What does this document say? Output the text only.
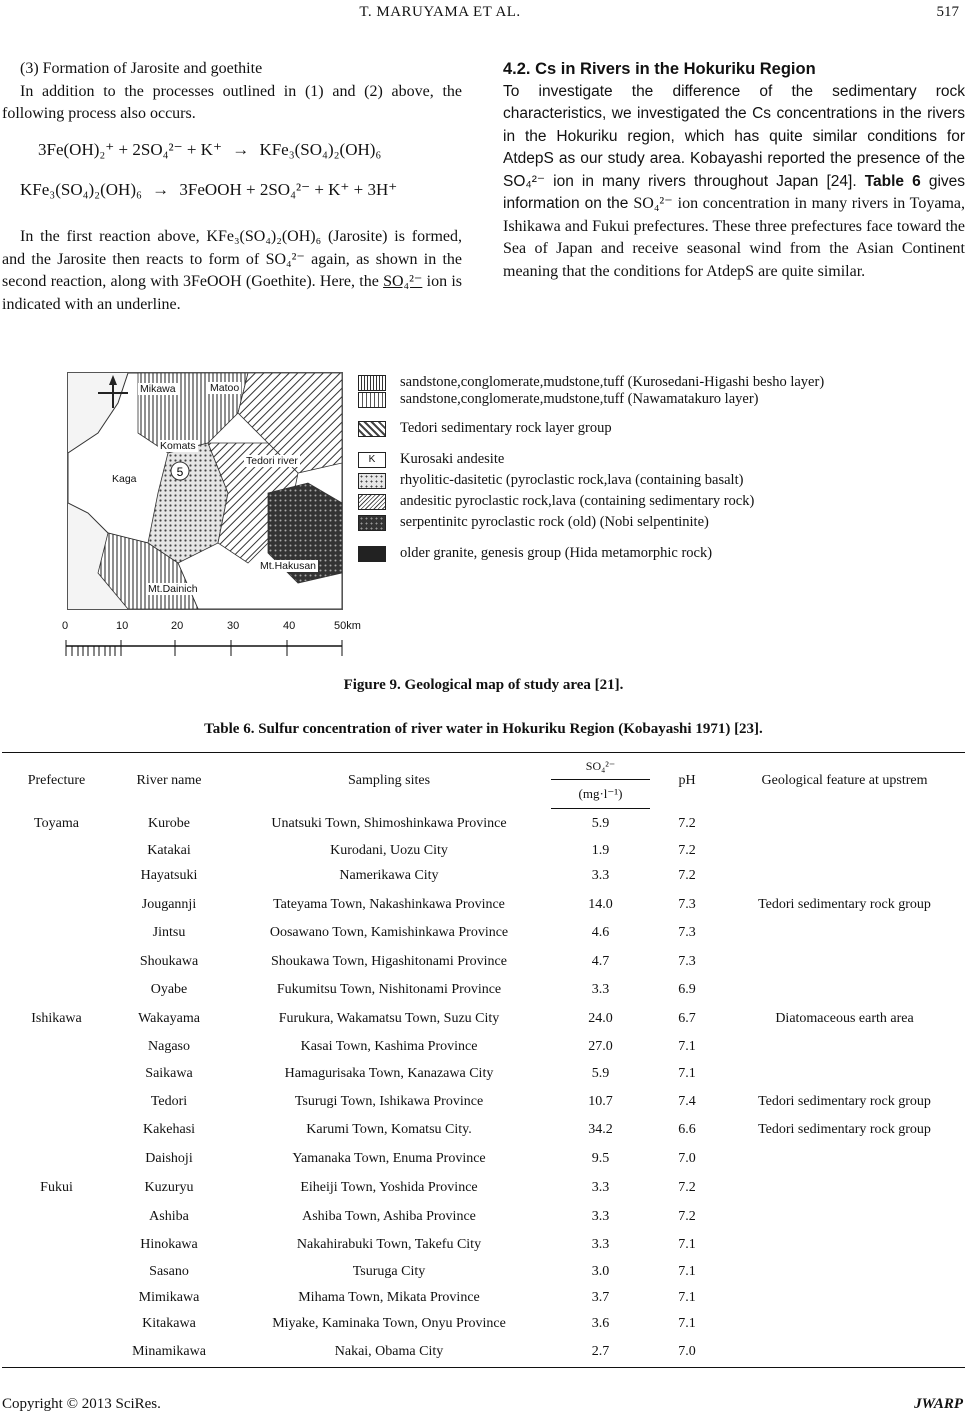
T. MARUYAMA ET AL.	517
(3) Formation of Jarosite and goethite
In addition to the processes outlined in (1) and (2) above, the following process also occurs.
3Fe(OH)₂⁺ + 2SO₄²⁻ + K⁺ → KFe₃(SO₄)₂(OH)₆
KFe₃(SO₄)₂(OH)₆ → 3FeOOH + 2SO₄²⁻ + K⁺ + 3H⁺
In the first reaction above, KFe₃(SO₄)₂(OH)₆ (Jarosite) is formed, and the Jarosite then reacts to form of SO₄²⁻ again, as shown in the second reaction, along with 3FeOOH (Goethite). Here, the SO₄²⁻ ion is indicated with an underline.
4.2. Cs in Rivers in the Hokuriku Region
To investigate the difference of the sedimentary rock characteristics, we investigated the Cs concentrations in the rivers in the Hokuriku region, which has quite similar conditions for AtdepS as our study area. Kobayashi reported the presence of the SO₄²⁻ ion in many rivers throughout Japan [24]. Table 6 gives information on the SO₄²⁻ ion concentration in many rivers in Toyama, Ishikawa and Fukui prefectures. These three prefectures face toward the Sea of Japan and receive seasonal wind from the Asian Continent meaning that the conditions for AtdepS are quite similar.
5
Mikawa	Matoo
Komats
Tedori river
Kaga
Mt.Hakusan
Mt.Dainich
sandstone,conglomerate,mudstone,tuff (Kurosedani-Higashi besho layer)
sandstone,conglomerate,mudstone,tuff (Nawamatakuro layer)
Tedori sedimentary rock layer group
K	Kurosaki andesite
rhyolitic-dasitetic (pyroclastic rock,lava (containing basalt)
andesitic pyroclastic rock,lava (containing sedimentary rock)
serpentinitc pyroclastic rock (old) (Nobi selpentinite)
older granite, genesis group (Hida metamorphic rock)
0	10	20	30	40	50km
Figure 9. Geological map of study area [21].
Table 6. Sulfur concentration of river water in Hokuriku Region (Kobayashi 1971) [23].
Prefecture	River name	Sampling sites	SO₄²⁻	pH	Geological feature at upstrem
			(mg·l⁻¹)		
Toyama	Kurobe	Unatsuki Town, Shimoshinkawa Province	5.9	7.2	
	Katakai	Kurodani, Uozu City	1.9	7.2	
	Hayatsuki	Namerikawa City	3.3	7.2	
	Jougannji	Tateyama Town, Nakashinkawa Province	14.0	7.3	Tedori sedimentary rock group
	Jintsu	Oosawano Town, Kamishinkawa Province	4.6	7.3	
	Shoukawa	Shoukawa Town, Higashitonami Province	4.7	7.3	
	Oyabe	Fukumitsu Town, Nishitonami Province	3.3	6.9	
Ishikawa	Wakayama	Furukura, Wakamatsu Town, Suzu City	24.0	6.7	Diatomaceous earth area
	Nagaso	Kasai Town, Kashima Province	27.0	7.1	
	Saikawa	Hamagurisaka Town, Kanazawa City	5.9	7.1	
	Tedori	Tsurugi Town, Ishikawa Province	10.7	7.4	Tedori sedimentary rock group
	Kakehasi	Karumi Town, Komatsu City.	34.2	6.6	Tedori sedimentary rock group
	Daishoji	Yamanaka Town, Enuma Province	9.5	7.0	
Fukui	Kuzuryu	Eiheiji Town, Yoshida Province	3.3	7.2	
	Ashiba	Ashiba Town, Ashiba Province	3.3	7.2	
	Hinokawa	Nakahirabuki Town, Takefu City	3.3	7.1	
	Sasano	Tsuruga City	3.0	7.1	
	Mimikawa	Mihama Town, Mikata Province	3.7	7.1	
	Kitakawa	Miyake, Kaminaka Town, Onyu Province	3.6	7.1	
	Minamikawa	Nakai, Obama City	2.7	7.0	
Copyright © 2013 SciRes.	JWARP
